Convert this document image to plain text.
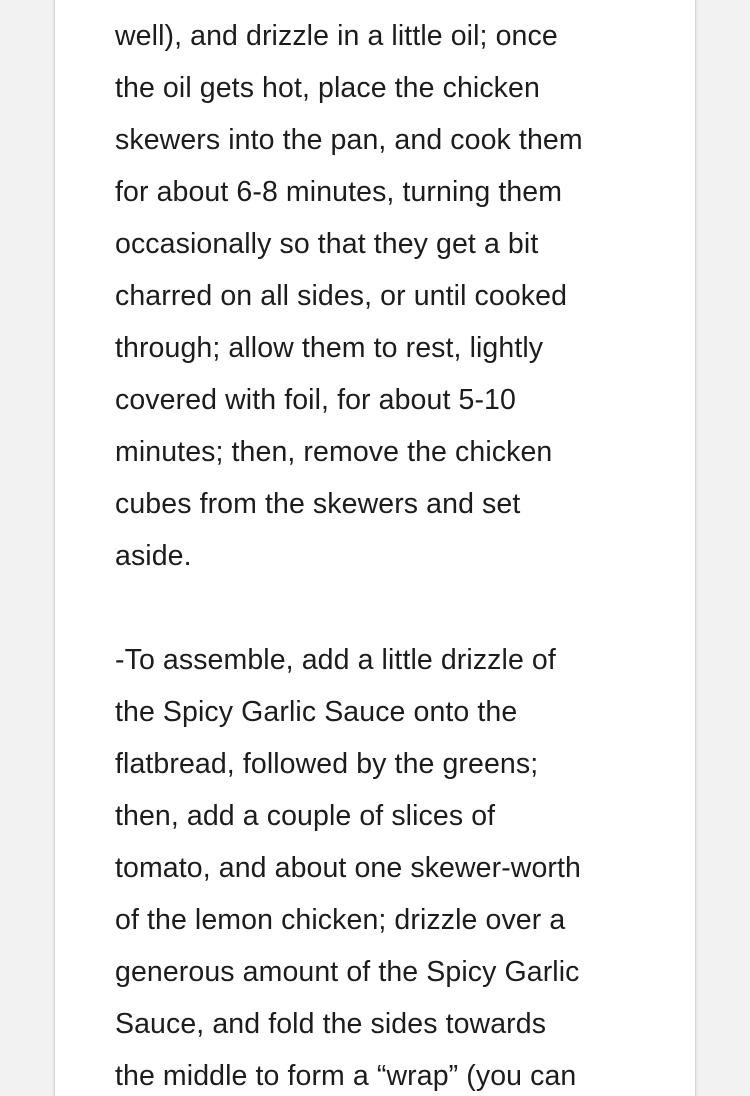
well), and drizzle in a little oil; once
the oil gets hot, place the chicken
skewers into the pan, and cook them
for about 6-8 minutes, turning them
occasionally so that they get a bit
charred on all sides, or until cooked
through; allow them to rest, lightly
covered with foil, for about 5-10
minutes; then, remove the chicken
cubes from the skewers and set
aside.
-To assemble, add a little drizzle of
the Spicy Garlic Sauce onto the
flatbread, followed by the greens;
then, add a couple of slices of
tomato, and about one skewer-worth
of the lemon chicken; drizzle over a
generous amount of the Spicy Garlic
Sauce, and fold the sides towards
the middle to form a “wrap” (you can
